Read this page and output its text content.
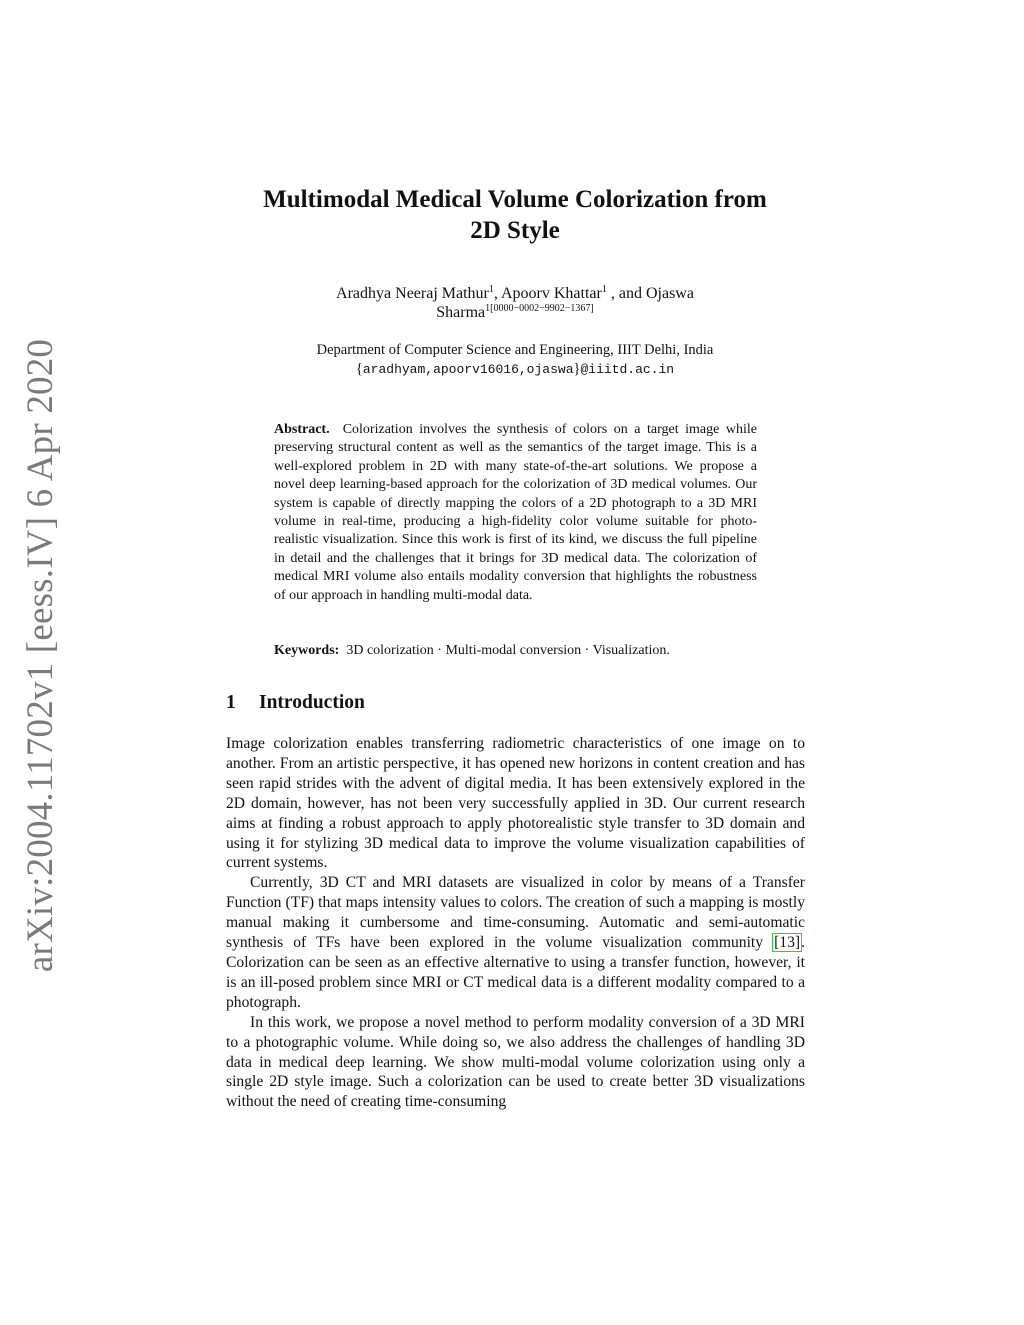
arXiv:2004.11702v1 [eess.IV] 6 Apr 2020
Multimodal Medical Volume Colorization from
2D Style
Aradhya Neeraj Mathur$^1$, Apoorv Khattar$^1$ , and Ojaswa
Sharma$^{1[0000-0002-9902-1367]}$
Department of Computer Science and Engineering, IIIT Delhi, India
{aradhyam,apoorv16016,ojaswa}@iiitd.ac.in
Abstract. Colorization involves the synthesis of colors on a target image while preserving structural content as well as the semantics of the target image. This is a well-explored problem in 2D with many state-of-the-art solutions. We propose a novel deep learning-based approach for the colorization of 3D medical volumes. Our system is capable of directly mapping the colors of a 2D photograph to a 3D MRI volume in real-time, producing a high-fidelity color volume suitable for photo-realistic visualization. Since this work is first of its kind, we discuss the full pipeline in detail and the challenges that it brings for 3D medical data. The colorization of medical MRI volume also entails modality conversion that highlights the robustness of our approach in handling multi-modal data.
Keywords: 3D colorization · Multi-modal conversion · Visualization.
1 Introduction

Image colorization enables transferring radiometric characteristics of one image on to another. From an artistic perspective, it has opened new horizons in content creation and has seen rapid strides with the advent of digital media. It has been extensively explored in the 2D domain, however, has not been very successfully applied in 3D. Our current research aims at finding a robust approach to apply photorealistic style transfer to 3D domain and using it for stylizing 3D medical data to improve the volume visualization capabilities of current systems.

Currently, 3D CT and MRI datasets are visualized in color by means of a Transfer Function (TF) that maps intensity values to colors. The creation of such a mapping is mostly manual making it cumbersome and time-consuming. Automatic and semi-automatic synthesis of TFs have been explored in the volume visualization community [13]. Colorization can be seen as an effective alternative to using a transfer function, however, it is an ill-posed problem since MRI or CT medical data is a different modality compared to a photograph.

In this work, we propose a novel method to perform modality conversion of a 3D MRI to a photographic volume. While doing so, we also address the challenges of handling 3D data in medical deep learning. We show multi-modal volume colorization using only a single 2D style image. Such a colorization can be used to create better 3D visualizations without the need of creating time-consuming
